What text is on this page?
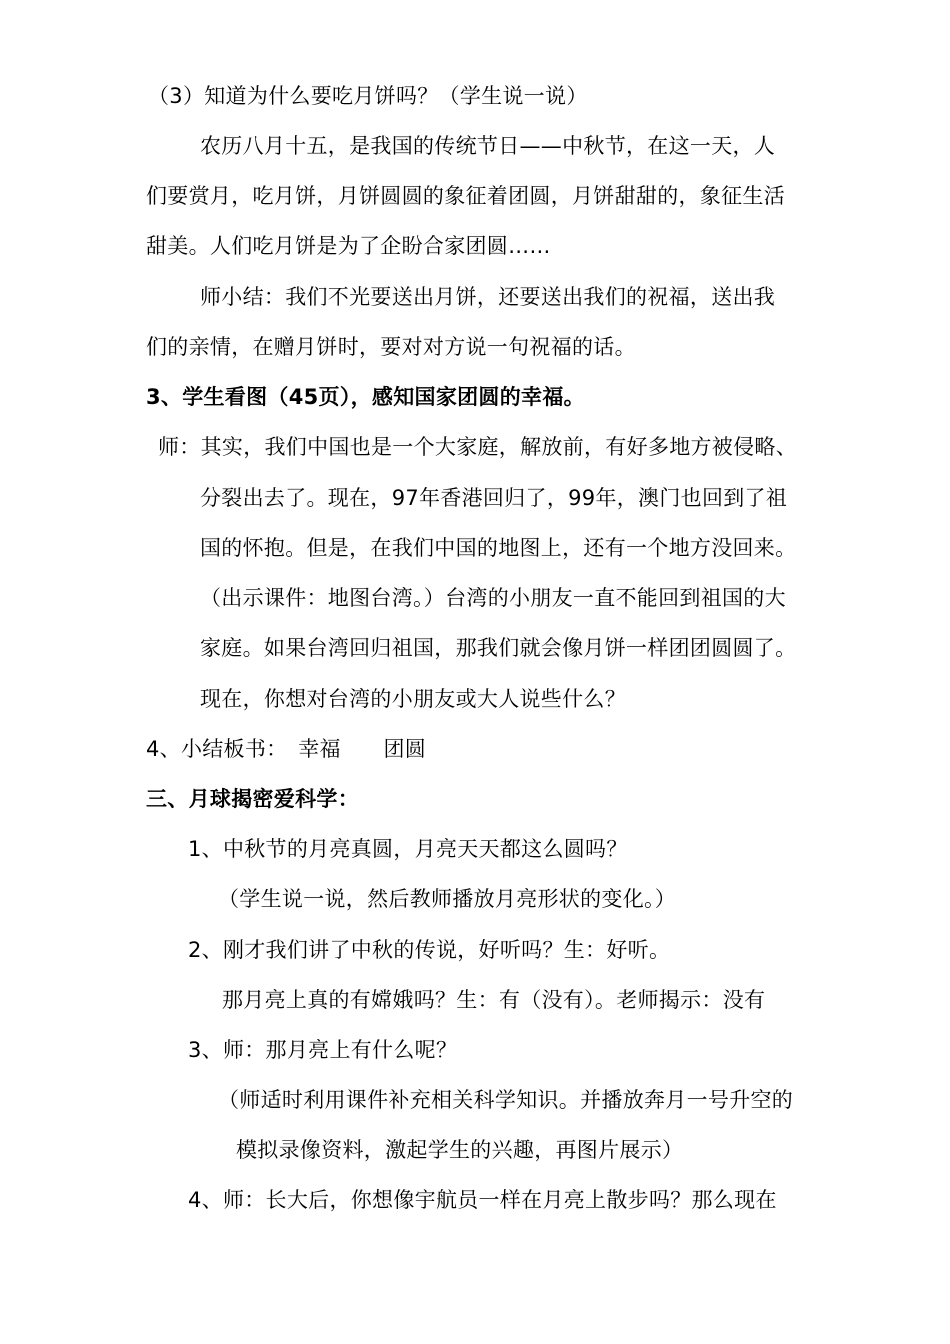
（3）知道为什么要吃月饼吗？（学生说一说）
农历八月十五，是我国的传统节日——中秋节，在这一天，人
们要赏月，吃月饼，月饼圆圆的象征着团圆，月饼甜甜的，象征生活
甜美。人们吃月饼是为了企盼合家团圆……
师小结：我们不光要送出月饼，还要送出我们的祝福，送出我
们的亲情，在赠月饼时，要对对方说一句祝福的话。
3、学生看图（45页），感知国家团圆的幸福。
师：其实，我们中国也是一个大家庭，解放前，有好多地方被侵略、
分裂出去了。现在，97年香港回归了，99年，澳门也回到了祖
国的怀抱。但是，在我们中国的地图上，还有一个地方没回来。
（出示课件：地图台湾。）台湾的小朋友一直不能回到祖国的大
家庭。如果台湾回归祖国，那我们就会像月饼一样团团圆圆了。
现在，你想对台湾的小朋友或大人说些什么？
4、小结板书：　幸福　　团圆
三、月球揭密爱科学：
1、中秋节的月亮真圆，月亮天天都这么圆吗？
（学生说一说，然后教师播放月亮形状的变化。）
2、刚才我们讲了中秋的传说，好听吗？生：好听。
那月亮上真的有嫦娥吗？生：有（没有）。老师揭示：没有
3、师：那月亮上有什么呢？
（师适时利用课件补充相关科学知识。并播放奔月一号升空的
模拟录像资料，激起学生的兴趣，再图片展示）
4、师：长大后，你想像宇航员一样在月亮上散步吗？那么现在
